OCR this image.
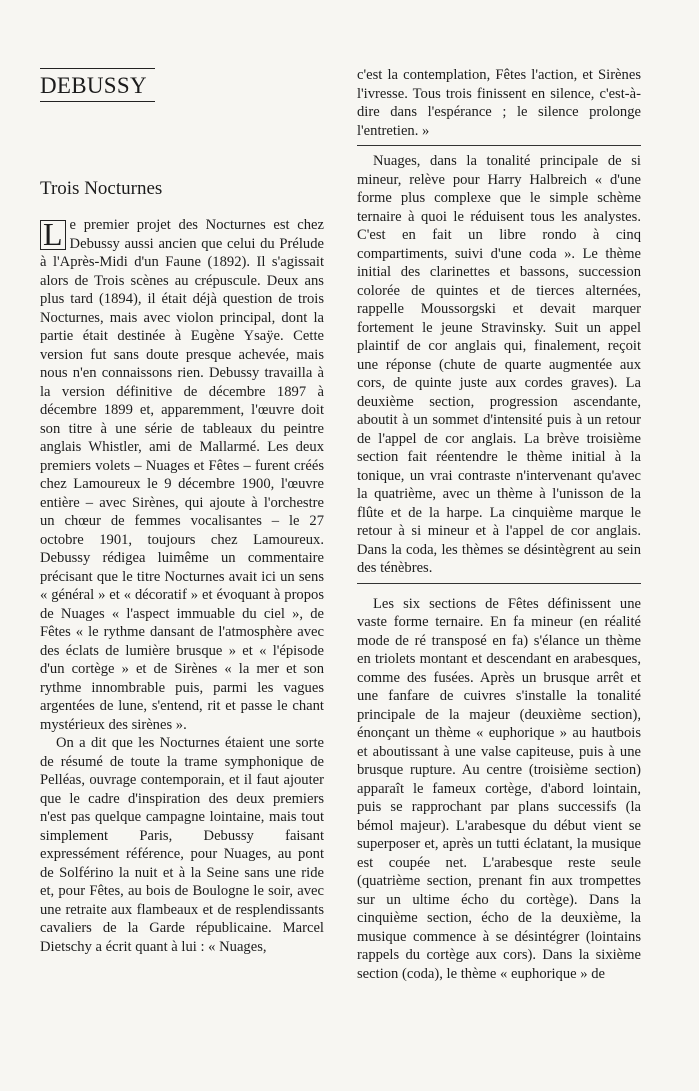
DEBUSSY
Trois Nocturnes

L e premier projet des Nocturnes est chez Debussy aussi ancien que celui du Prélude à l'Après-Midi d'un Faune (1892). Il s'agissait alors de Trois scènes au crépuscule. Deux ans plus tard (1894), il était déjà question de trois Nocturnes, mais avec violon principal, dont la partie était destinée à Eugène Ysaÿe. Cette version fut sans doute presque achevée, mais nous n'en connaissons rien. Debussy travailla à la version définitive de décembre 1897 à décembre 1899 et, apparemment, l'œuvre doit son titre à une série de tableaux du peintre anglais Whistler, ami de Mallarmé. Les deux premiers volets – Nuages et Fêtes – furent créés chez Lamoureux le 9 décembre 1900, l'œuvre entière – avec Sirènes, qui ajoute à l'orchestre un chœur de femmes vocalisantes – le 27 octobre 1901, toujours chez Lamoureux. Debussy rédigea luimême un commentaire précisant que le titre Nocturnes avait ici un sens « général » et « décoratif » et évoquant à propos de Nuages « l'aspect immuable du ciel », de Fêtes « le rythme dansant de l'atmosphère avec des éclats de lumière brusque » et « l'épisode d'un cortège » et de Sirènes « la mer et son rythme innombrable puis, parmi les vagues argentées de lune, s'entend, rit et passe le chant mystérieux des sirènes ».

On a dit que les Nocturnes étaient une sorte de résumé de toute la trame symphonique de Pelléas, ouvrage contemporain, et il faut ajouter que le cadre d'inspiration des deux premiers n'est pas quelque campagne lointaine, mais tout simplement Paris, Debussy faisant expressément référence, pour Nuages, au pont de Solférino la nuit et à la Seine sans une ride et, pour Fêtes, au bois de Boulogne le soir, avec une retraite aux flambeaux et de resplendissants cavaliers de la Garde républicaine. Marcel Dietschy a écrit quant à lui : « Nuages,

c'est la contemplation, Fêtes l'action, et Sirènes l'ivresse. Tous trois finissent en silence, c'est-à-dire dans l'espérance ; le silence prolonge l'entretien. »

Nuages, dans la tonalité principale de si mineur, relève pour Harry Halbreich « d'une forme plus complexe que le simple schème ternaire à quoi le réduisent tous les analystes. C'est en fait un libre rondo à cinq compartiments, suivi d'une coda ». Le thème initial des clarinettes et bassons, succession colorée de quintes et de tierces alternées, rappelle Moussorgski et devait marquer fortement le jeune Stravinsky. Suit un appel plaintif de cor anglais qui, finalement, reçoit une réponse (chute de quarte augmentée aux cors, de quinte juste aux cordes graves). La deuxième section, progression ascendante, aboutit à un sommet d'intensité puis à un retour de l'appel de cor anglais. La brève troisième section fait réentendre le thème initial à la tonique, un vrai contraste n'intervenant qu'avec la quatrième, avec un thème à l'unisson de la flûte et de la harpe. La cinquième marque le retour à si mineur et à l'appel de cor anglais. Dans la coda, les thèmes se désintègrent au sein des ténèbres.

Les six sections de Fêtes définissent une vaste forme ternaire. En fa mineur (en réalité mode de ré transposé en fa) s'élance un thème en triolets montant et descendant en arabesques, comme des fusées. Après un brusque arrêt et une fanfare de cuivres s'installe la tonalité principale de la majeur (deuxième section), énonçant un thème « euphorique » au hautbois et aboutissant à une valse capiteuse, puis à une brusque rupture. Au centre (troisième section) apparaît le fameux cortège, d'abord lointain, puis se rapprochant par plans successifs (la bémol majeur). L'arabesque du début vient se superposer et, après un tutti éclatant, la musique est coupée net. L'arabesque reste seule (quatrième section, prenant fin aux trompettes sur un ultime écho du cortège). Dans la cinquième section, écho de la deuxième, la musique commence à se désintégrer (lointains rappels du cortège aux cors). Dans la sixième section (coda), le thème « euphorique » de
